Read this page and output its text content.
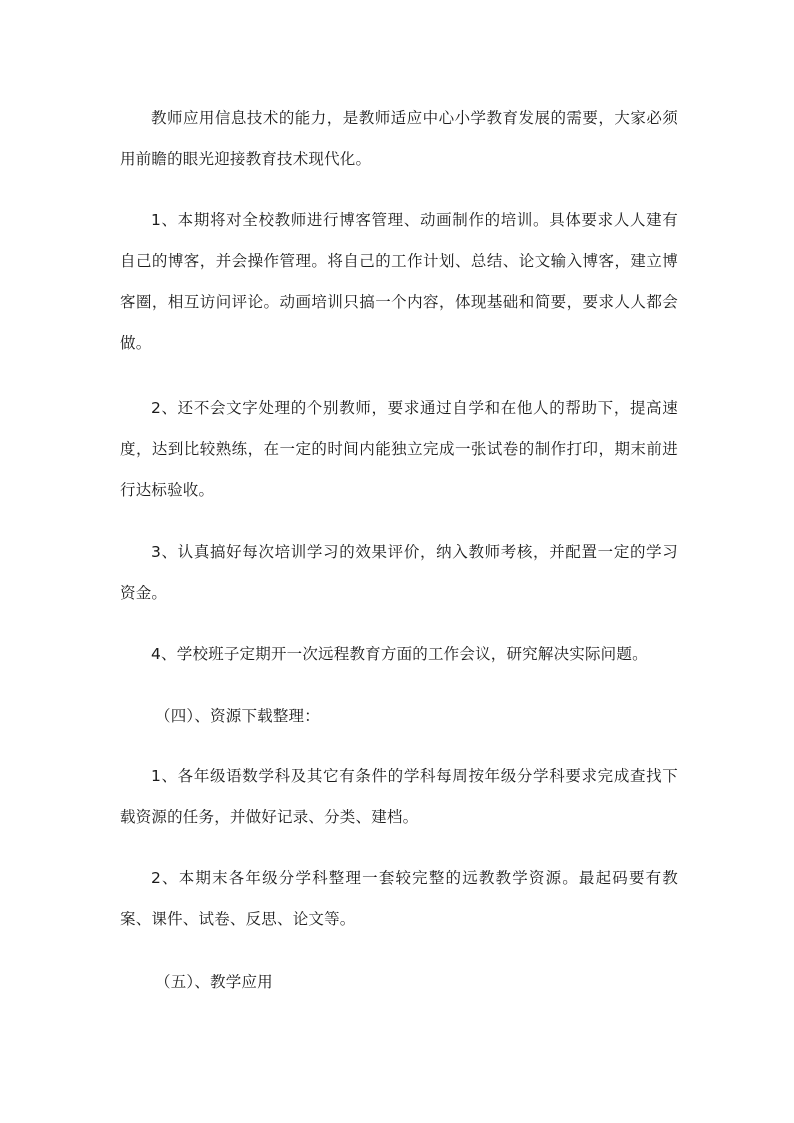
教师应用信息技术的能力，是教师适应中心小学教育发展的需要，大家必须用前瞻的眼光迎接教育技术现代化。

1、本期将对全校教师进行博客管理、动画制作的培训。具体要求人人建有自己的博客，并会操作管理。将自己的工作计划、总结、论文输入博客，建立博客圈，相互访问评论。动画培训只搞一个内容，体现基础和简要，要求人人都会做。

2、还不会文字处理的个别教师，要求通过自学和在他人的帮助下，提高速度，达到比较熟练，在一定的时间内能独立完成一张试卷的制作打印，期末前进行达标验收。

3、认真搞好每次培训学习的效果评价，纳入教师考核，并配置一定的学习资金。

4、学校班子定期开一次远程教育方面的工作会议，研究解决实际问题。

（四）、资源下载整理：

1、各年级语数学科及其它有条件的学科每周按年级分学科要求完成查找下载资源的任务，并做好记录、分类、建档。

2、本期末各年级分学科整理一套较完整的远教教学资源。最起码要有教案、课件、试卷、反思、论文等。

（五）、教学应用
